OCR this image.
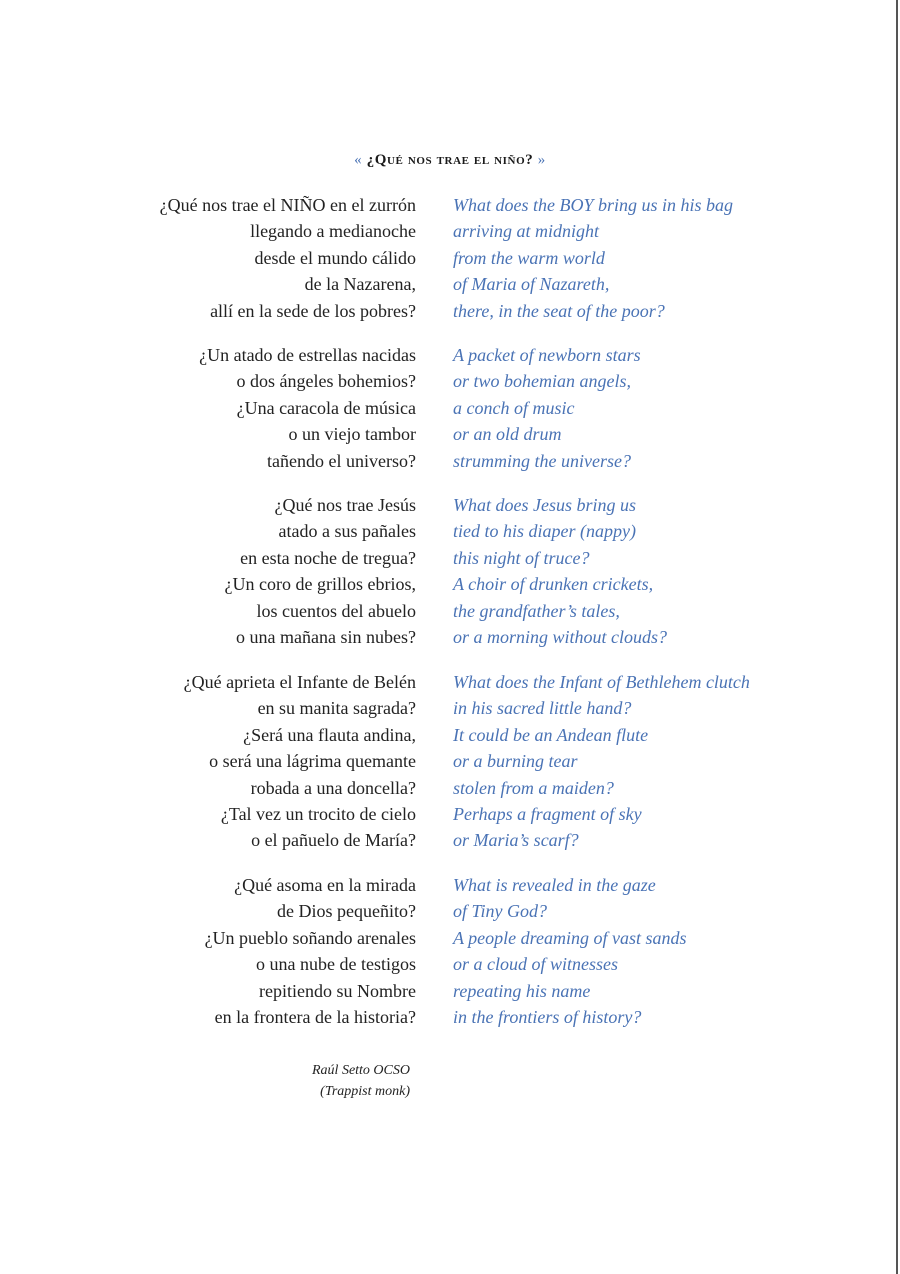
« ¿Qué nos trae el niño? »
¿Qué nos trae el NIÑO en el zurrón What does the BOY bring us in his bag
llegando a medianoche arriving at midnight
desde el mundo cálido from the warm world
de la Nazarena, of Maria of Nazareth,
allí en la sede de los pobres? there, in the seat of the poor?
¿Un atado de estrellas nacidas A packet of newborn stars
o dos ángeles bohemios? or two bohemian angels,
¿Una caracola de música a conch of music
o un viejo tambor or an old drum
tañendo el universo? strumming the universe?
¿Qué nos trae Jesús What does Jesus bring us
atado a sus pañales tied to his diaper (nappy)
en esta noche de tregua? this night of truce?
¿Un coro de grillos ebrios, A choir of drunken crickets,
los cuentos del abuelo the grandfather’s tales,
o una mañana sin nubes? or a morning without clouds?
¿Qué aprieta el Infante de Belén What does the Infant of Bethlehem clutch
en su manita sagrada? in his sacred little hand?
¿Será una flauta andina, It could be an Andean flute
o será una lágrima quemante or a burning tear
robada a una doncella? stolen from a maiden?
¿Tal vez un trocito de cielo Perhaps a fragment of sky
o el pañuelo de María? or Maria’s scarf?
¿Qué asoma en la mirada What is revealed in the gaze
de Dios pequeñito? of Tiny God?
¿Un pueblo soñando arenales A people dreaming of vast sands
o una nube de testigos or a cloud of witnesses
repitiendo su Nombre repeating his name
en la frontera de la historia? in the frontiers of history?
Raúl Setto OCSO
(Trappist monk)
